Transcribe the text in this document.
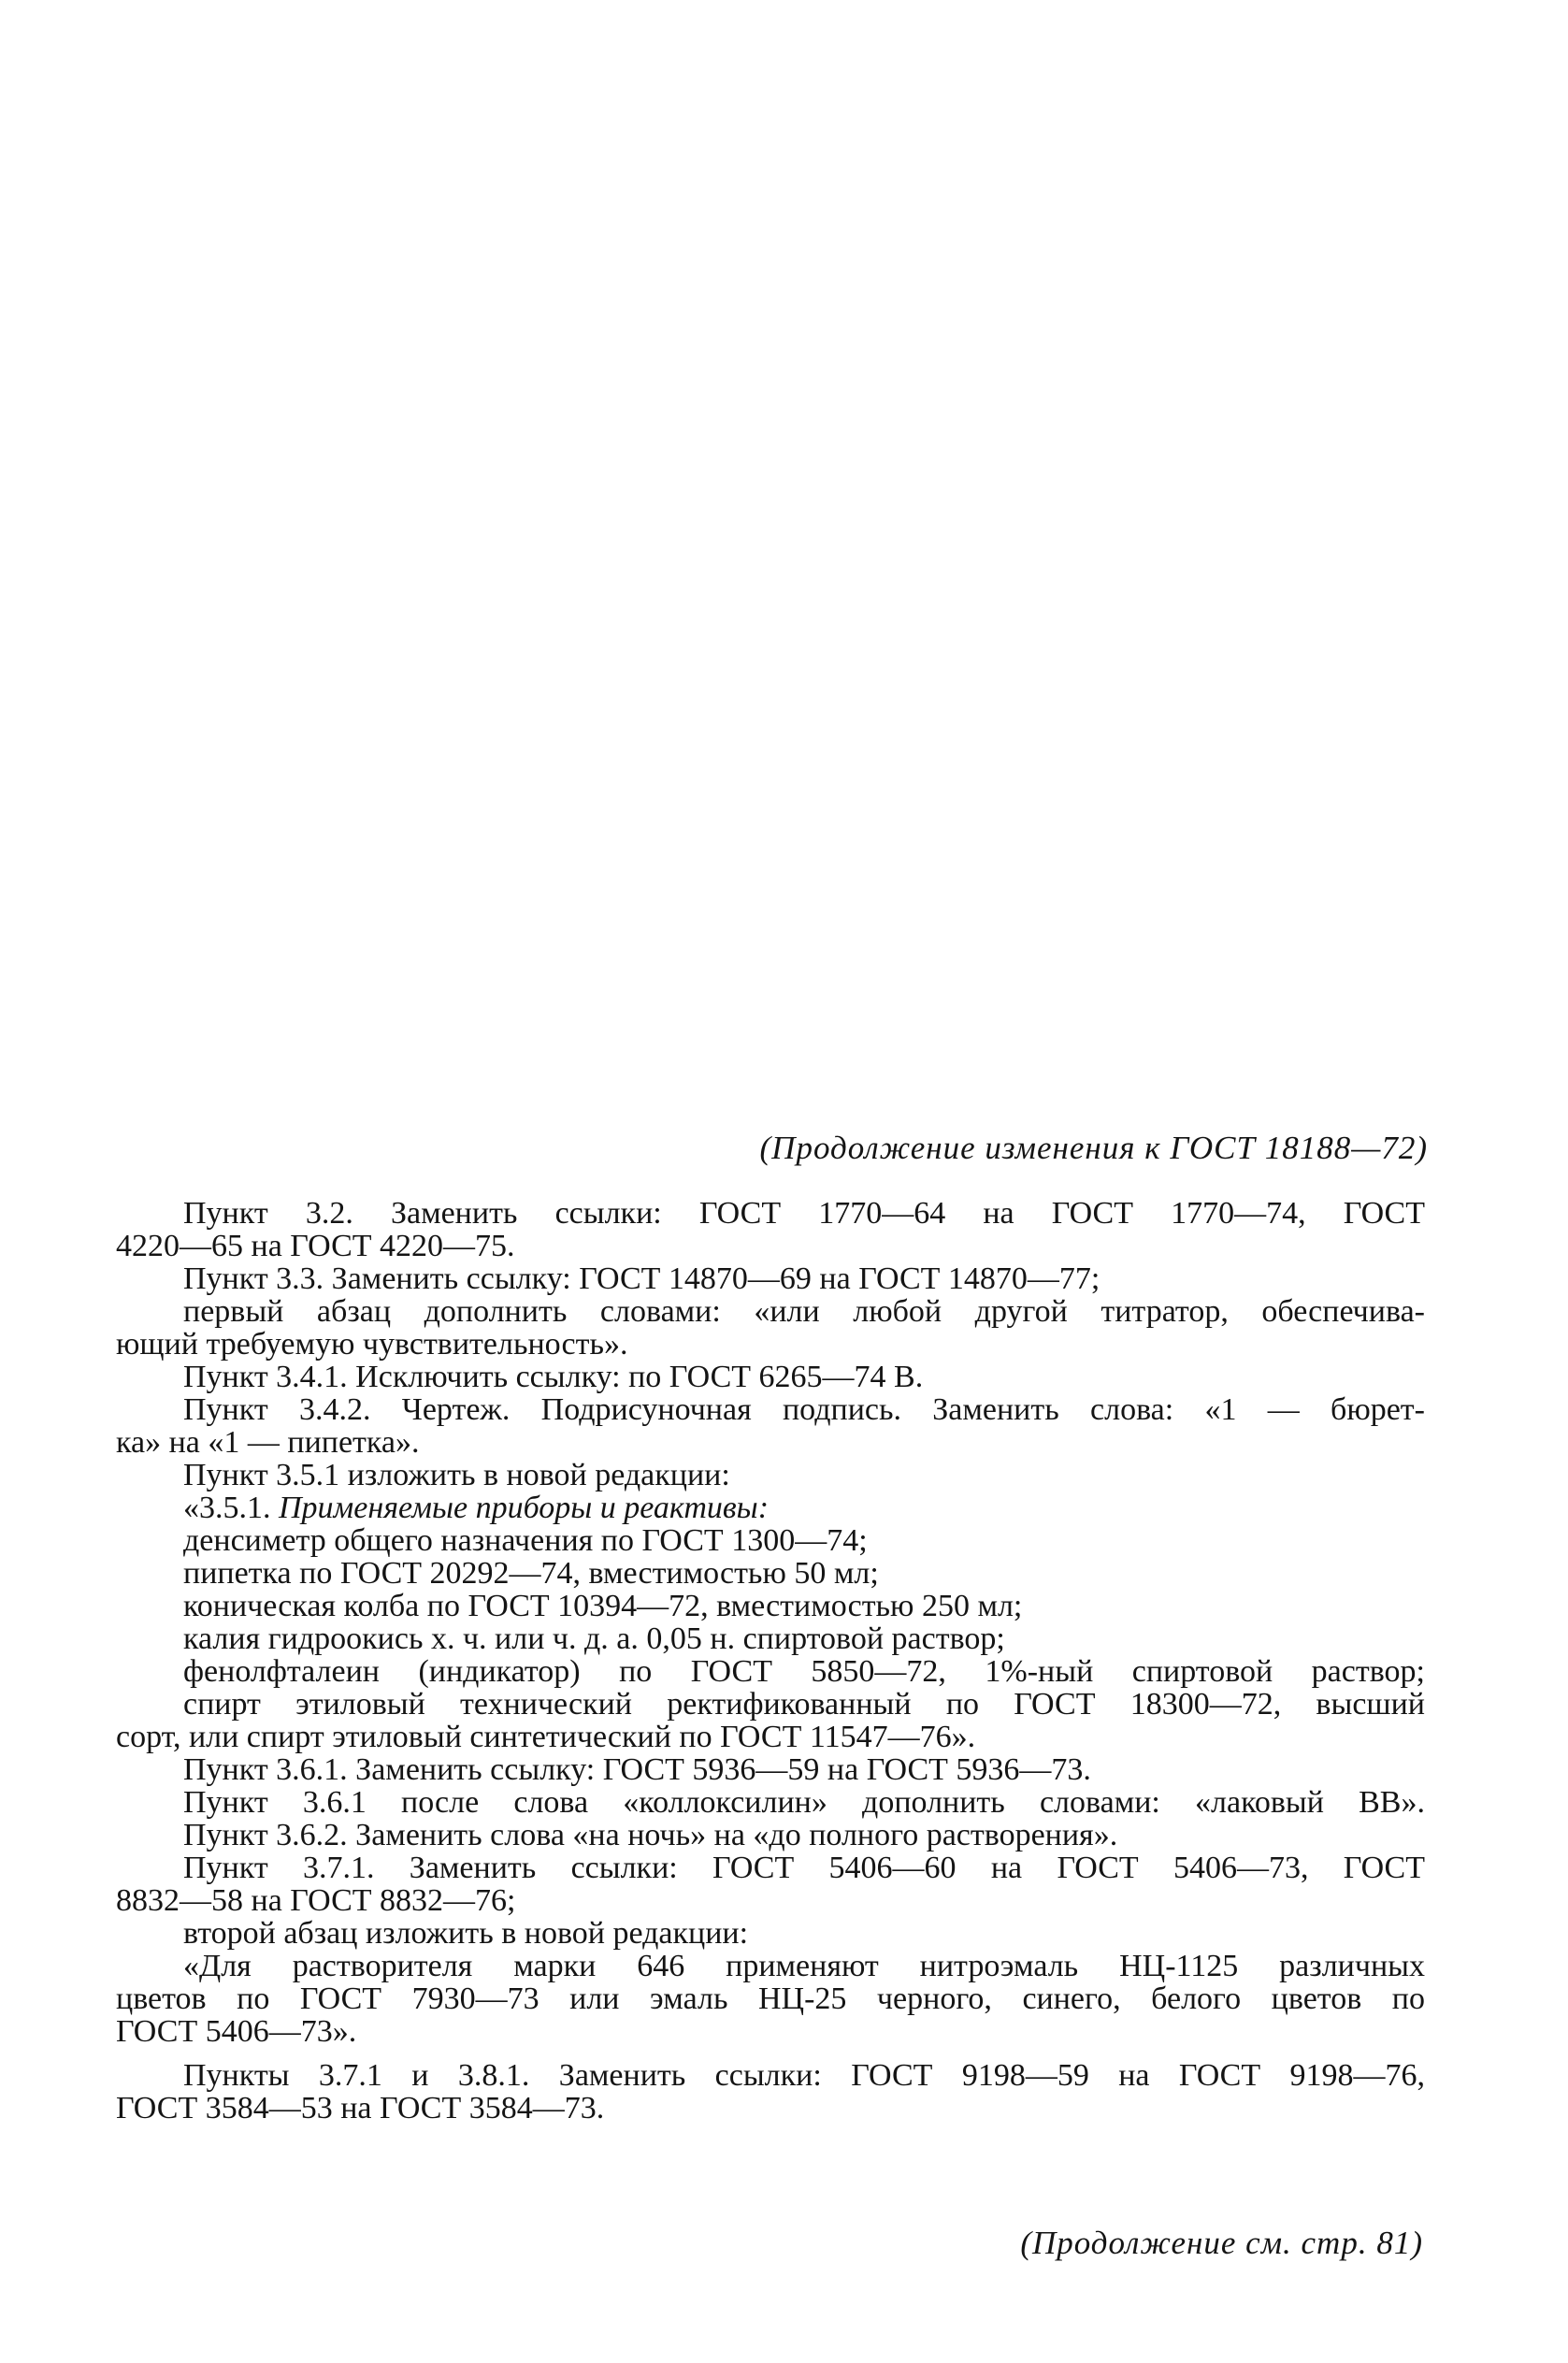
(Продолжение изменения к ГОСТ 18188—72)
Пункт 3.2. Заменить ссылки: ГОСТ 1770—64 на ГОСТ 1770—74, ГОСТ
4220—65 на ГОСТ 4220—75.
Пункт 3.3. Заменить ссылку: ГОСТ 14870—69 на ГОСТ 14870—77;
первый абзац дополнить словами: «или любой другой титратор, обеспечива-
ющий требуемую чувствительность».
Пункт 3.4.1. Исключить ссылку: по ГОСТ 6265—74 В.
Пункт 3.4.2. Чертеж. Подрисуночная подпись. Заменить слова: «1 — бюрет-
ка» на «1 — пипетка».
Пункт 3.5.1 изложить в новой редакции:
«3.5.1. Применяемые приборы и реактивы:
денсиметр общего назначения по ГОСТ 1300—74;
пипетка по ГОСТ 20292—74, вместимостью 50 мл;
коническая колба по ГОСТ 10394—72, вместимостью 250 мл;
калия гидроокись х. ч. или ч. д. а. 0,05 н. спиртовой раствор;
фенолфталеин (индикатор) по ГОСТ 5850—72, 1%-ный спиртовой раствор;
спирт этиловый технический ректификованный по ГОСТ 18300—72, высший
сорт, или спирт этиловый синтетический по ГОСТ 11547—76».
Пункт 3.6.1. Заменить ссылку: ГОСТ 5936—59 на ГОСТ 5936—73.
Пункт 3.6.1 после слова «коллоксилин» дополнить словами: «лаковый ВВ».
Пункт 3.6.2. Заменить слова «на ночь» на «до полного растворения».
Пункт 3.7.1. Заменить ссылки: ГОСТ 5406—60 на ГОСТ 5406—73, ГОСТ
8832—58 на ГОСТ 8832—76;
второй абзац изложить в новой редакции:
«Для растворителя марки 646 применяют нитроэмаль НЦ-1125 различных
цветов по ГОСТ 7930—73 или эмаль НЦ-25 черного, синего, белого цветов по
ГОСТ 5406—73».
Пункты 3.7.1 и 3.8.1. Заменить ссылки: ГОСТ 9198—59 на ГОСТ 9198—76,
ГОСТ 3584—53 на ГОСТ 3584—73.
(Продолжение см. стр. 81)
